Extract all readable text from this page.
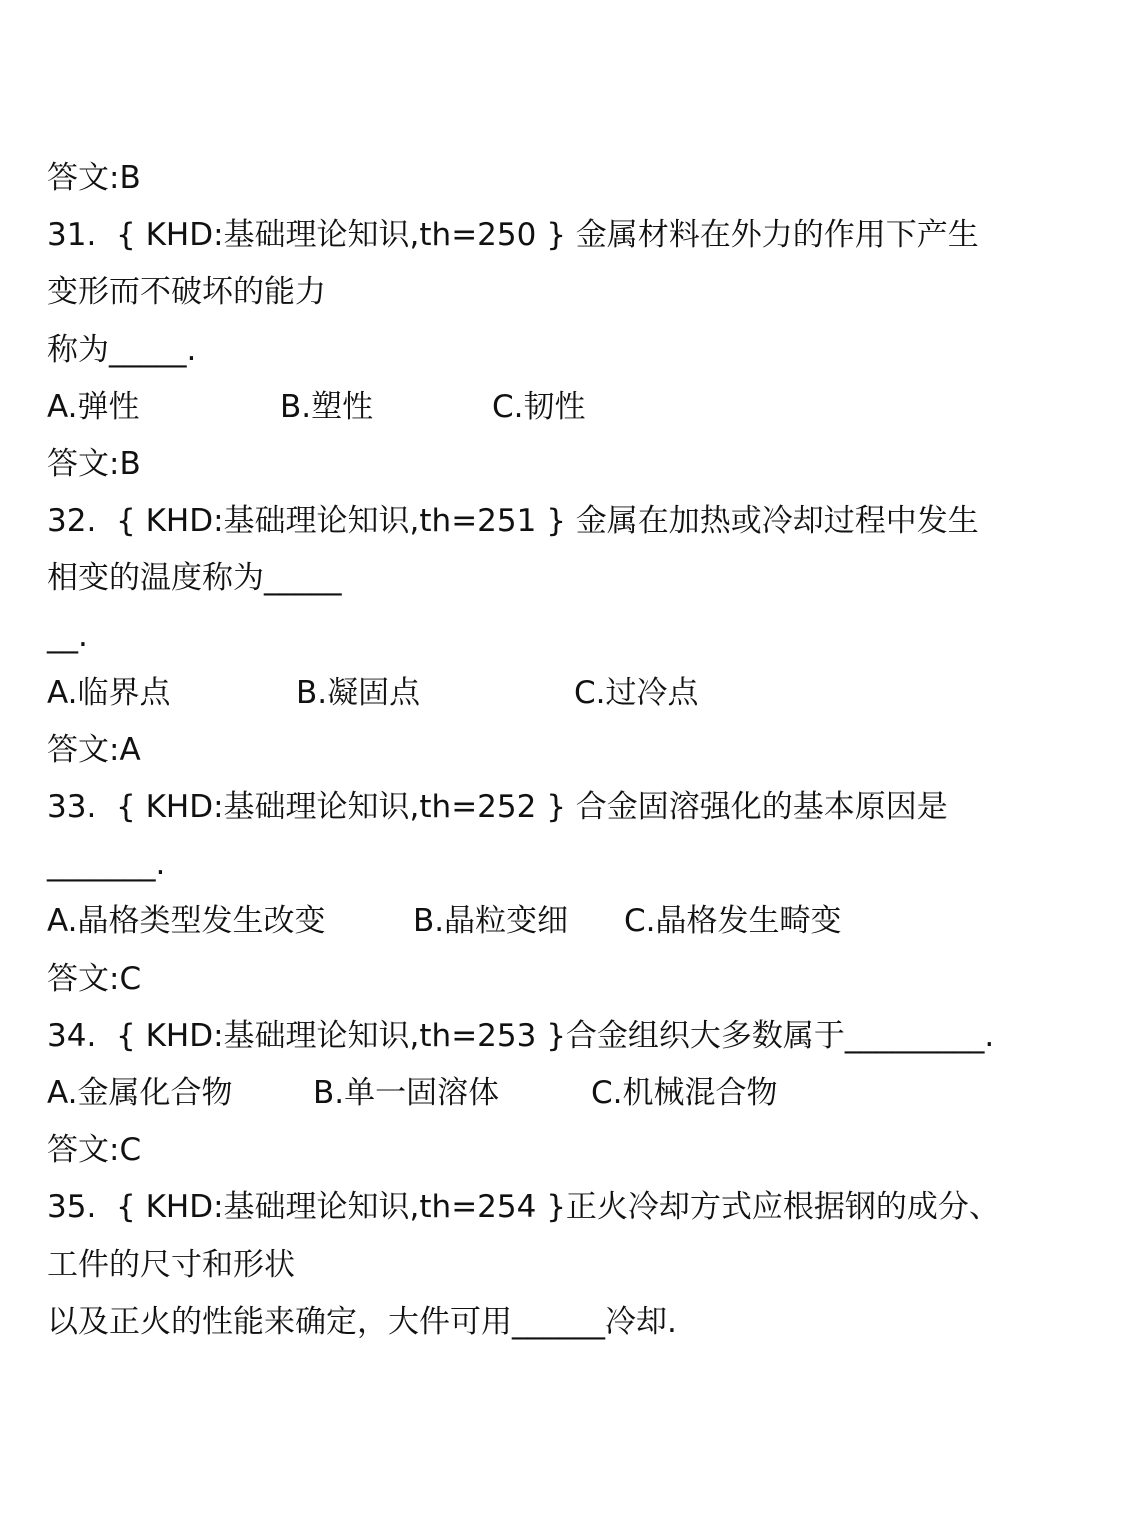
答文:B
31.  { KHD:基础理论知识,th=250 } 金属材料在外力的作用下产生
变形而不破坏的能力
称为_____.

A.弹性

	B.塑性

	C.韧性

答文:B
32.  { KHD:基础理论知识,th=251 } 金属在加热或冷却过程中发生
相变的温度称为_____
__.

A.临界点

	B.凝固点

	C.过冷点

答文:A
33.  { KHD:基础理论知识,th=252 } 合金固溶强化的基本原因是
_______.

A.晶格类型发生改变

	B.晶粒变细

C.晶格发生畸变

答文:C
34.  { KHD:基础理论知识,th=253 }合金组织大多数属于_________.

A.金属化合物

	B.单一固溶体

	C.机械混合物

答文:C
35.  { KHD:基础理论知识,th=254 }正火冷却方式应根据钢的成分、
工件的尺寸和形状
以及正火的性能来确定，大件可用______冷却.
